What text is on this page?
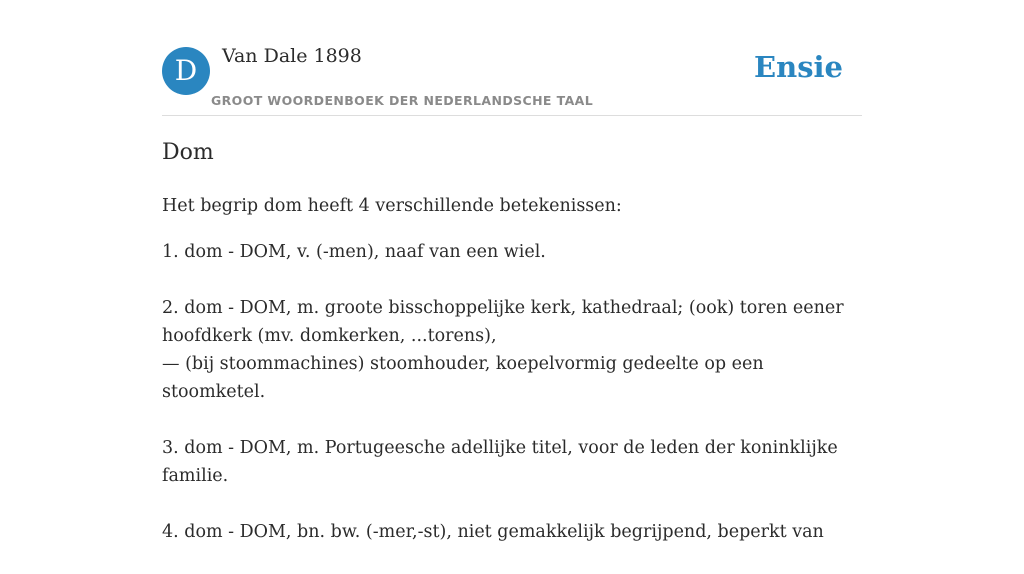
D	Van Dale 1898
GROOT WOORDENBOEK DER NEDERLANDSCHE TAAL
Ensie
Dom

Het begrip dom heeft 4 verschillende betekenissen:

1. dom - DOM, v. (-men), naaf van een wiel.

2. dom - DOM, m. groote bisschoppelijke kerk, kathedraal; (ook) toren eener hoofdkerk (mv. domkerken, ...torens),

— (bij stoommachines) stoomhouder, koepelvormig gedeelte op een stoomketel.

3. dom - DOM, m. Portugeesche adellijke titel, voor de leden der koninklijke familie.

4. dom - DOM, bn. bw. (-mer,-st), niet gemakkelijk begrijpend, beperkt van
